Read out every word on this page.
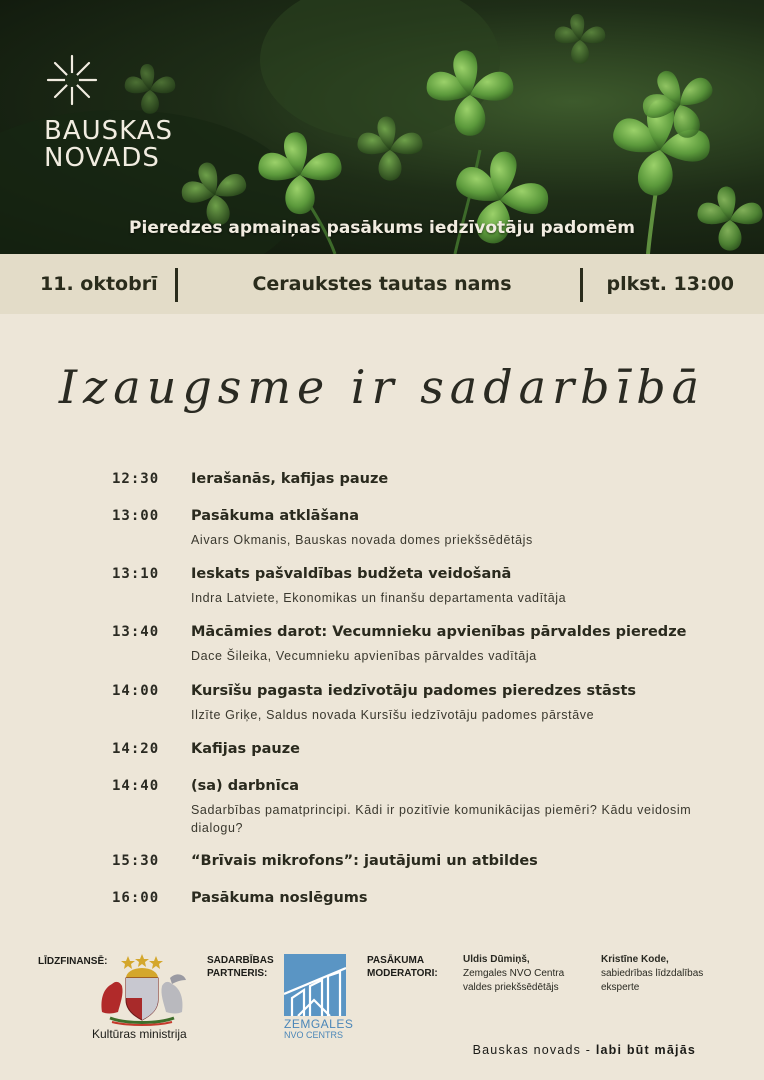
BAUSKAS
NOVADS
Pieredzes apmaiņas pasākums iedzīvotāju padomēm
11. oktobrī	Ceraukstes tautas nams	plkst. 13:00
Izaugsme ir sadarbībā
12:30 Ierašanās, kafijas pauze
13:00 Pasākuma atklāšana
Aivars Okmanis, Bauskas novada domes priekšsēdētājs
13:10 Ieskats pašvaldības budžeta veidošanā
Indra Latviete, Ekonomikas un finanšu departamenta vadītāja
13:40 Mācāmies darot: Vecumnieku apvienības pārvaldes pieredze
Dace Šileika, Vecumnieku apvienības pārvaldes vadītāja
14:00 Kursīšu pagasta iedzīvotāju padomes pieredzes stāsts
Ilzīte Griķe, Saldus novada Kursīšu iedzīvotāju padomes pārstāve
14:20 Kafijas pauze
14:40 (sa) darbnīca
Sadarbības pamatprincipi. Kādi ir pozitīvie komunikācijas piemēri? Kādu veidosim dialogu?
15:30 “Brīvais mikrofons”: jautājumi un atbildes
16:00 Pasākuma noslēgums
LĪDZFINANSĒ:
Kultūras ministrija
SADARBĪBAS
PARTNERIS:
ZEMGALES
NVO CENTRS
PASĀKUMA
MODERATORI:
Uldis Dūmiņš,
Zemgales NVO Centra
valdes priekšsēdētājs
Kristīne Kode,
sabiedrības līdzdalības
eksperte
Bauskas novads - labi būt mājās
